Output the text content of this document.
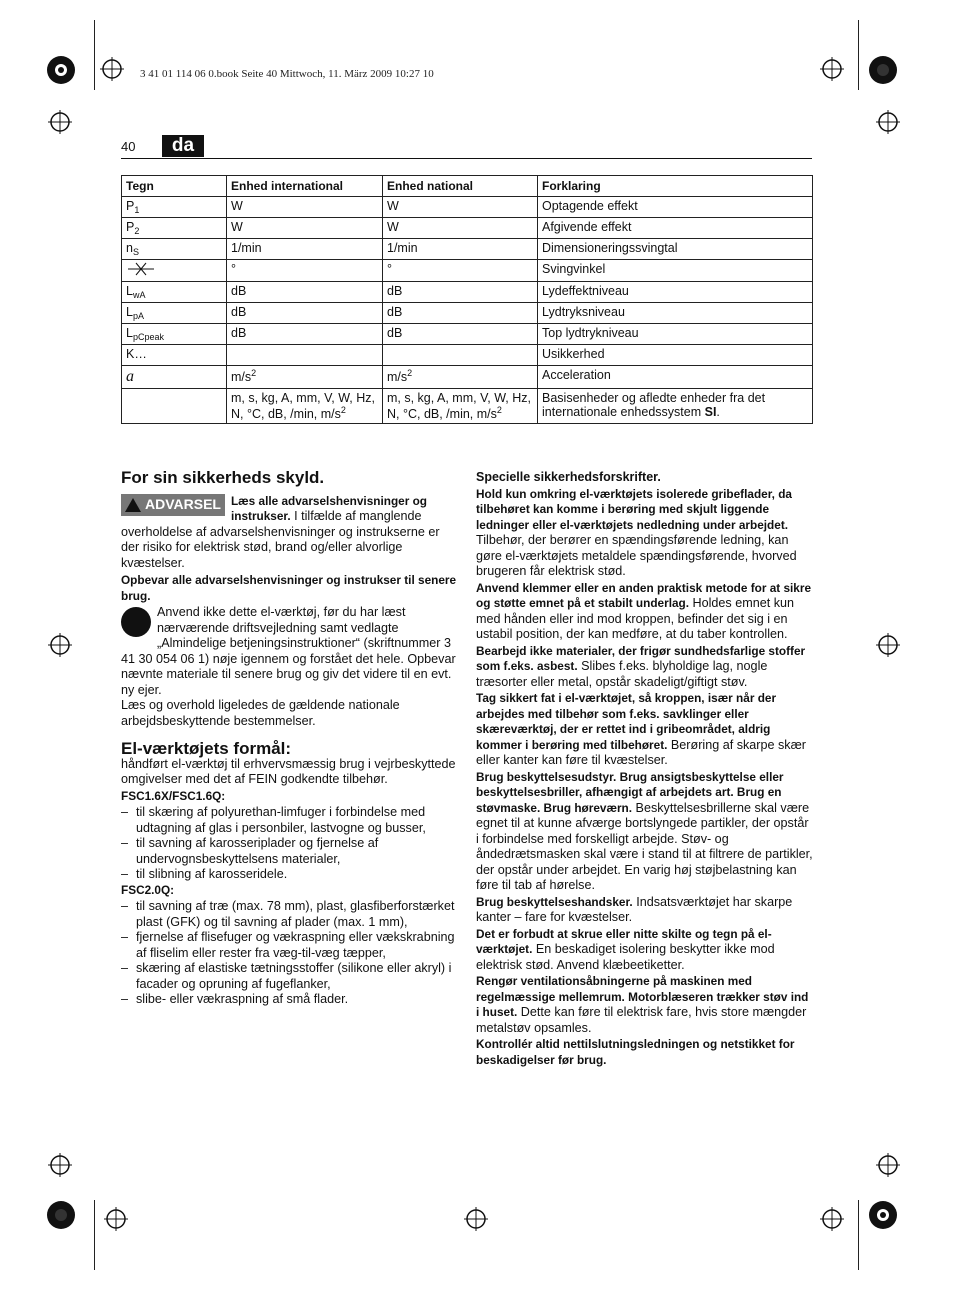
3 41 01 114 06 0.book Seite 40 Mittwoch, 11. März 2009 10:27 10
40	da
Tegn	Enhed international	Enhed national	Forklaring
$P_1$	W	W	Optagende effekt
$P_2$	W	W	Afgivende effekt
$n_S$	1/min	1/min	Dimensioneringssvingtal
	°	°	Svingvinkel
$L_{wA}$	dB	dB	Lydeffektniveau
$L_{pA}$	dB	dB	Lydtryksniveau
$L_{pCpeak}$	dB	dB	Top lydtrykniveau
K…			Usikkerhed
a	$m/s^2$	$m/s^2$	Acceleration
	m, s, kg, A, mm, V, W, Hz, N, °C, dB, /min, $m/s^2$	m, s, kg, A, mm, V, W, Hz, N, °C, dB, /min, $m/s^2$	Basisenheder og afledte enheder fra det internationale enhedssystem SI.
For sin sikkerheds skyld.
ADVARSEL Læs alle advarselshenvisninger og instrukser. I tilfælde af manglende overholdelse af advarselshenvisninger og instrukserne er der risiko for elektrisk stød, brand og/eller alvorlige kvæstelser.

Opbevar alle advarselshenvisninger og instrukser til senere brug.

Anvend ikke dette el-værktøj, før du har læst nærværende driftsvejledning samt vedlagte „Almindelige betjeningsinstruktioner“ (skriftnummer 3 41 30 054 06 1) nøje igennem og forstået det hele. Opbevar nævnte materiale til senere brug og giv det videre til en evt. ny ejer.

Læs og overhold ligeledes de gældende nationale arbejdsbeskyttende bestemmelser.

El-værktøjets formål:

håndført el-værktøj til erhvervsmæssig brug i vejrbeskyttede omgivelser med det af FEIN godkendte tilbehør.

FSC1.6X/FSC1.6Q:

– til skæring af polyurethan-limfuger i forbindelse med udtagning af glas i personbiler, lastvogne og busser,
– til savning af karosseriplader og fjernelse af undervognsbeskyttelsens materialer,
– til slibning af karosseridele.

FSC2.0Q:

– til savning af træ (max. 78 mm), plast, glasfiberforstærket plast (GFK) og til savning af plader (max. 1 mm),
– fjernelse af flisefuger og vækraspning eller vækskrabning af fliselim eller rester fra væg-til-væg tæpper,
– skæring af elastiske tætningsstoffer (silikone eller akryl) i facader og opruning af fugeflanker,
– slibe- eller vækraspning af små flader.

Specielle sikkerhedsforskrifter.

Hold kun omkring el-værktøjets isolerede gribeflader, da tilbehøret kan komme i berøring med skjult liggende ledninger eller el-værktøjets nedledning under arbejdet. Tilbehør, der berører en spændingsførende ledning, kan gøre el-værktøjets metaldele spændingsførende, hvorved brugeren får elektrisk stød.

Anvend klemmer eller en anden praktisk metode for at sikre og støtte emnet på et stabilt underlag. Holdes emnet kun med hånden eller ind mod kroppen, befinder det sig i en ustabil position, der kan medføre, at du taber kontrollen.

Bearbejd ikke materialer, der frigør sundhedsfarlige stoffer som f.eks. asbest. Slibes f.eks. blyholdige lag, nogle træsorter eller metal, opstår skadeligt/giftigt støv.

Tag sikkert fat i el-værktøjet, så kroppen, især når der arbejdes med tilbehør som f.eks. savklinger eller skæreværktøj, der er rettet ind i gribeområdet, aldrig kommer i berøring med tilbehøret. Berøring af skarpe skær eller kanter kan føre til kvæstelser.

Brug beskyttelsesudstyr. Brug ansigtsbeskyttelse eller beskyttelsesbriller, afhængigt af arbejdets art. Brug en støvmaske. Brug høreværn. Beskyttelsesbrillerne skal være egnet til at kunne afværge bortslyngede partikler, der opstår i forbindelse med forskelligt arbejde. Støv- og åndedrætsmasken skal være i stand til at filtrere de partikler, der opstår under arbejdet. En varig høj støjbelastning kan føre til tab af hørelse.

Brug beskyttelseshandsker. Indsatsværktøjet har skarpe kanter – fare for kvæstelser.

Det er forbudt at skrue eller nitte skilte og tegn på el-værktøjet. En beskadiget isolering beskytter ikke mod elektrisk stød. Anvend klæbeetiketter.

Rengør ventilationsåbningerne på maskinen med regelmæssige mellemrum. Motorblæseren trækker støv ind i huset. Dette kan føre til elektrisk fare, hvis store mængder metalstøv opsamles.

Kontrollér altid nettilslutningsledningen og netstikket for beskadigelser før brug.
